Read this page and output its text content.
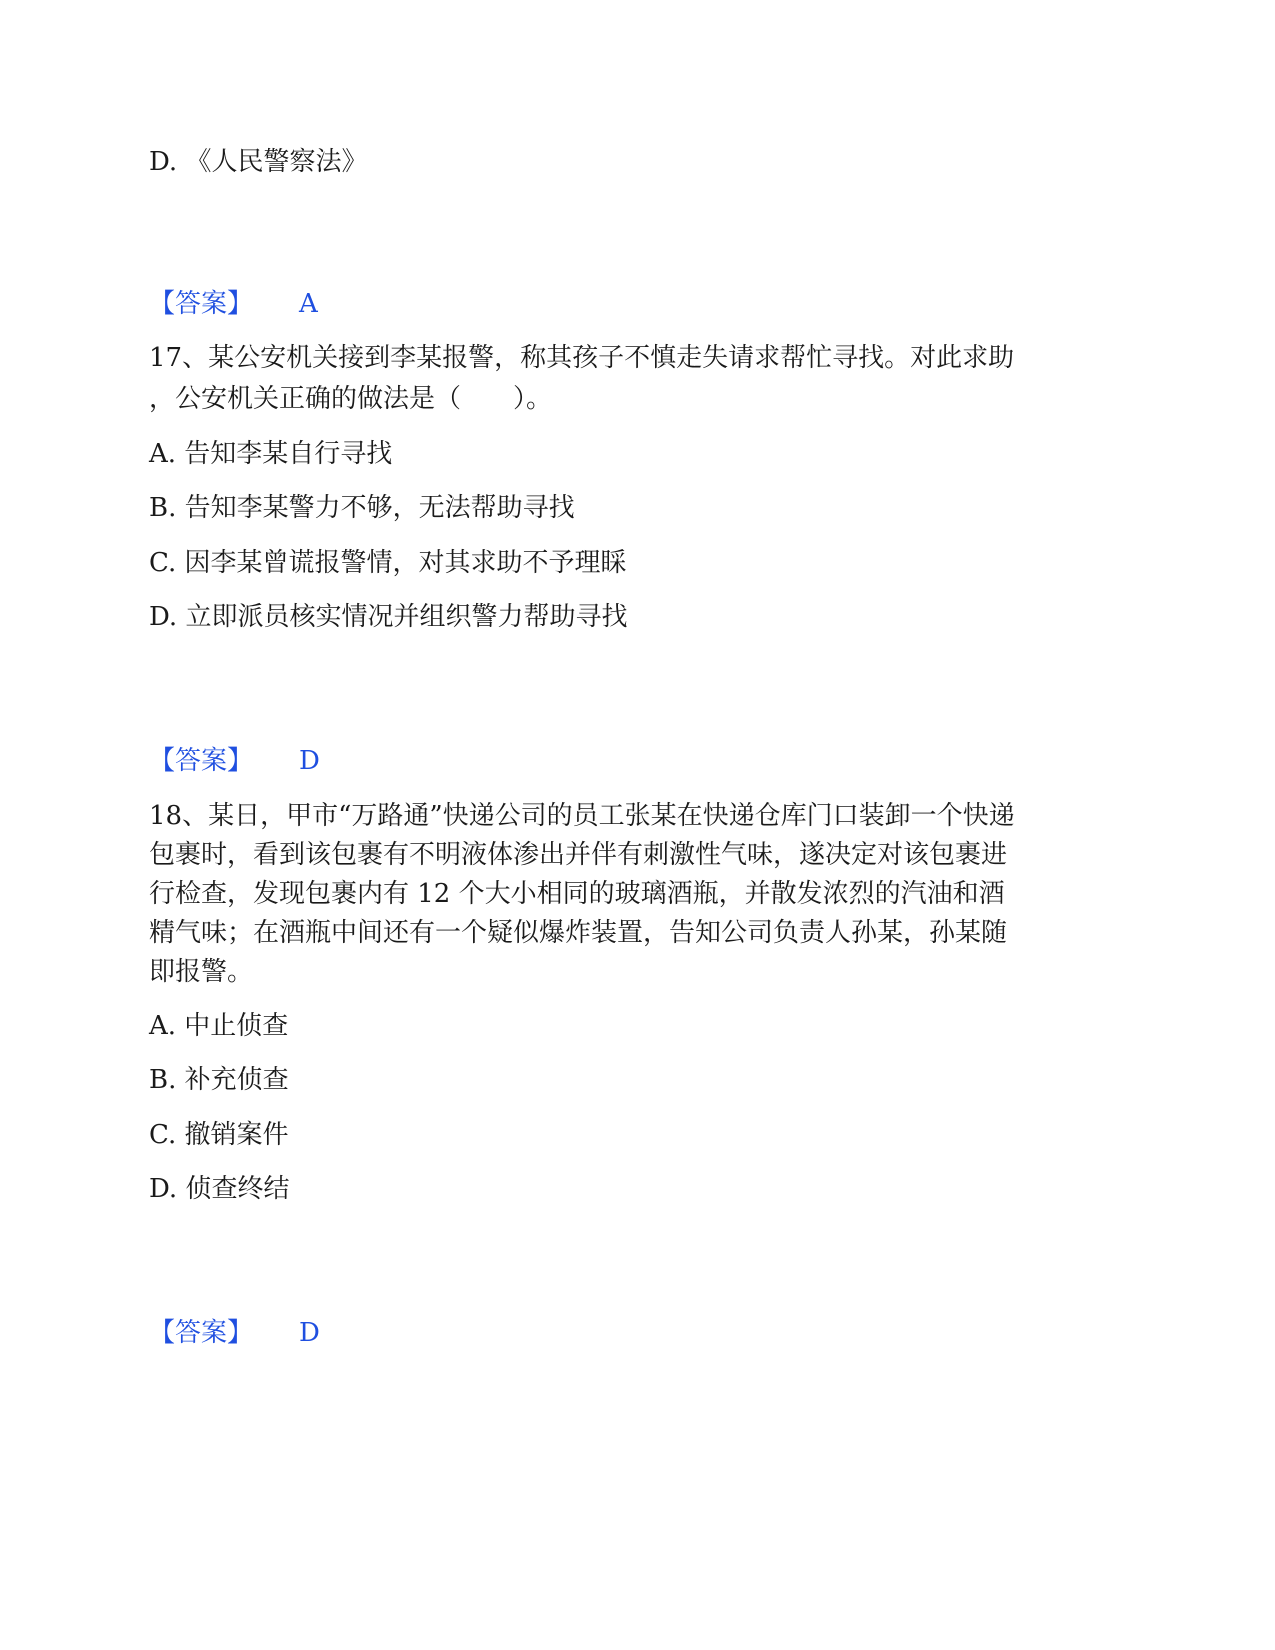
D. 《人民警察法》
【答案】 A
17、某公安机关接到李某报警，称其孩子不慎走失请求帮忙寻找。对此求助
，公安机关正确的做法是（　　）。
A. 告知李某自行寻找
B. 告知李某警力不够，无法帮助寻找
C. 因李某曾谎报警情，对其求助不予理睬
D. 立即派员核实情况并组织警力帮助寻找
【答案】 D
18、某日，甲市“万路通”快递公司的员工张某在快递仓库门口装卸一个快递
包裹时，看到该包裹有不明液体渗出并伴有刺激性气味，遂决定对该包裹进
行检查，发现包裹内有 12 个大小相同的玻璃酒瓶，并散发浓烈的汽油和酒
精气味；在酒瓶中间还有一个疑似爆炸装置，告知公司负责人孙某，孙某随
即报警。
A. 中止侦查
B. 补充侦查
C. 撤销案件
D. 侦查终结
【答案】 D
